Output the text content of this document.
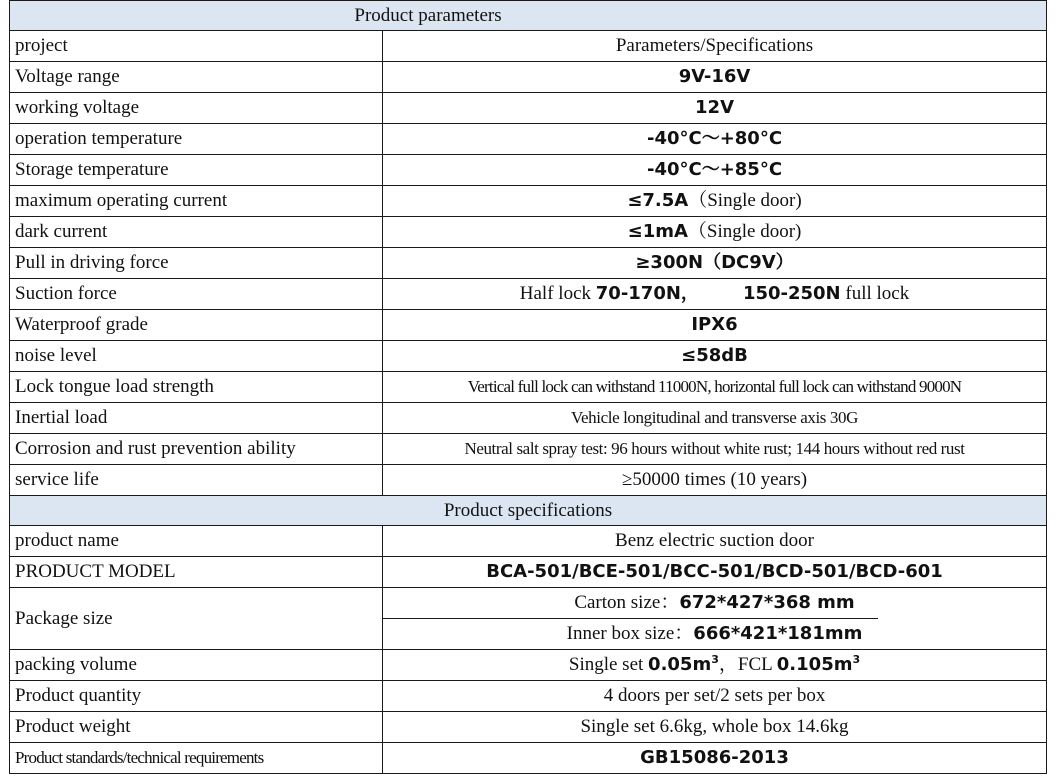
Product parameters	
project	Parameters/Specifications
Voltage range	9V-16V
working voltage	12V
operation temperature	-40°C～+80°C
Storage temperature	-40°C～+85°C
maximum operating current	≤7.5A（Single door)
dark current	≤1mA（Single door)
Pull in driving force	≥300N（DC9V）
Suction force	Half lock 70-170N， 150-250N full lock
Waterproof grade	IPX6
noise level	≤58dB
Lock tongue load strength	Vertical full lock can withstand 11000N, horizontal full lock can withstand 9000N
Inertial load	Vehicle longitudinal and transverse axis 30G
Corrosion and rust prevention ability	Neutral salt spray test: 96 hours without white rust; 144 hours without red rust
service life	≥50000 times (10 years)
Product specifications	
product name	Benz electric suction door
PRODUCT MODEL	BCA-501/BCE-501/BCC-501/BCD-501/BCD-601
Package size	Carton size：672*427*368 mm
Inner box size：666*421*181mm

packing volume	Single set $0.05m^3$，FCL $0.105m^3$
Product quantity	4 doors per set/2 sets per box
Product weight	Single set 6.6kg, whole box 14.6kg
Product standards/technical requirements	GB15086-2013
